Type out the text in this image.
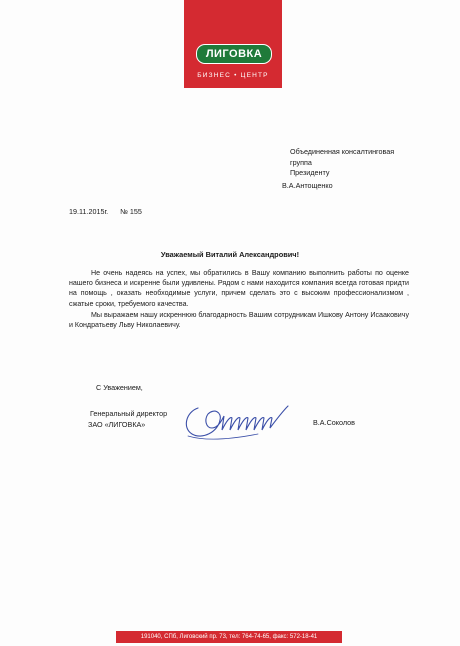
ЛИГОВКА
БИЗНЕС • ЦЕНТР
Объединенная консалтинговая
группа
Президенту
В.А.Антощенко
19.11.2015г. № 155
Уважаемый Виталий Александрович!

Не очень надеясь на успех, мы обратились в Вашу компанию выполнить работы по оценке нашего бизнеса и искренне были удивлены. Рядом с нами находится компания всегда готовая придти на помощь , оказать необходимые услуги, причем сделать это с высоким профессионализмом , сжатые сроки, требуемого качества.

Мы выражаем нашу искреннюю благодарность Вашим сотрудникам Ишкову Антону Исааковичу и Кондратьеву Льву Николаевичу.

С Уважением,
Генеральный директор
ЗАО «ЛИГОВКА»	В.А.Соколов
191040, СПб, Лиговский пр. 73, тел: 764-74-65, факс: 572-18-41
